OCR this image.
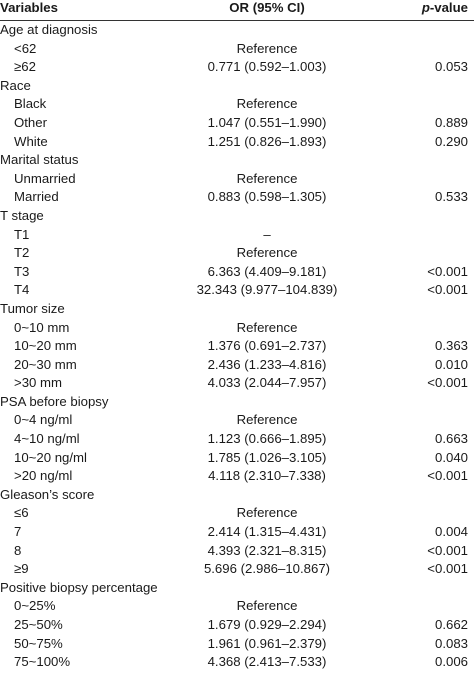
Variables	OR (95% CI)	p-value
Age at diagnosis		
<62	Reference	
≥62	0.771 (0.592–1.003)	0.053
Race		
Black	Reference	
Other	1.047 (0.551–1.990)	0.889
White	1.251 (0.826–1.893)	0.290
Marital status		
Unmarried	Reference	
Married	0.883 (0.598–1.305)	0.533
T stage		
T1	–	
T2	Reference	
T3	6.363 (4.409–9.181)	<0.001
T4	32.343 (9.977–104.839)	<0.001
Tumor size		
0~10 mm	Reference	
10~20 mm	1.376 (0.691–2.737)	0.363
20~30 mm	2.436 (1.233–4.816)	0.010
>30 mm	4.033 (2.044–7.957)	<0.001
PSA before biopsy		
0~4 ng/ml	Reference	
4~10 ng/ml	1.123 (0.666–1.895)	0.663
10~20 ng/ml	1.785 (1.026–3.105)	0.040
>20 ng/ml	4.118 (2.310–7.338)	<0.001
Gleason’s score		
≤6	Reference	
7	2.414 (1.315–4.431)	0.004
8	4.393 (2.321–8.315)	<0.001
≥9	5.696 (2.986–10.867)	<0.001
Positive biopsy percentage		
0~25%	Reference	
25~50%	1.679 (0.929–2.294)	0.662
50~75%	1.961 (0.961–2.379)	0.083
75~100%	4.368 (2.413–7.533)	0.006
